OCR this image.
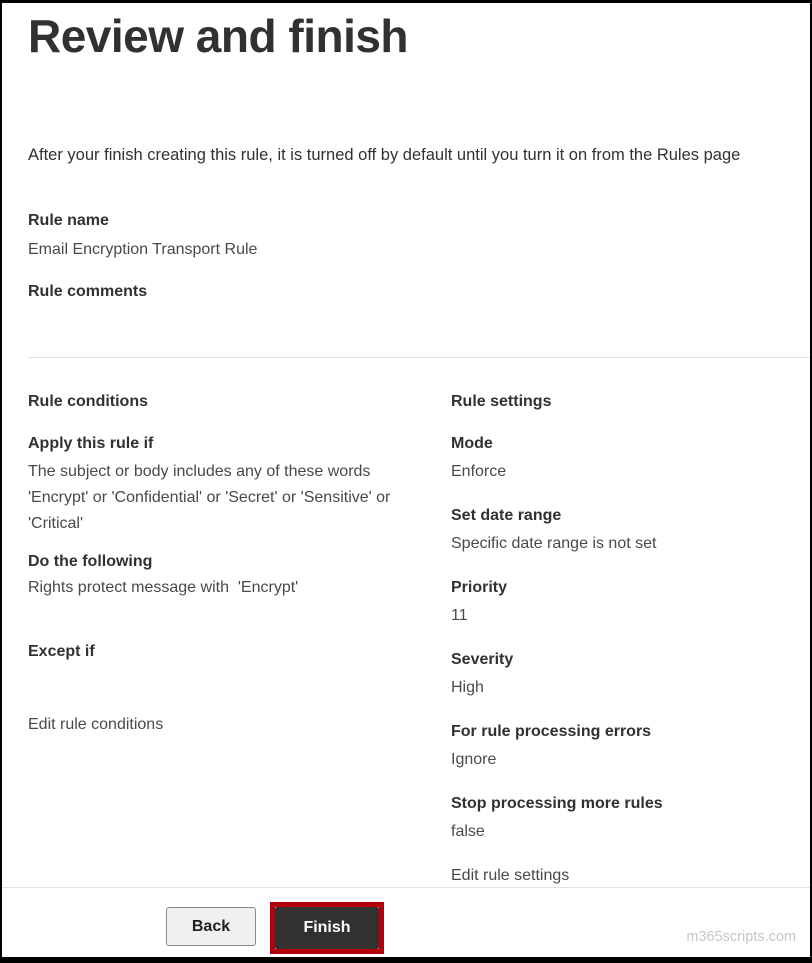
Review and finish

After your finish creating this rule, it is turned off by default until you turn it on from the Rules page

Rule name
Email Encryption Transport Rule
Rule comments
Rule conditions
Apply this rule if
The subject or body includes any of these words 'Encrypt' or 'Confidential' or 'Secret' or 'Sensitive' or 'Critical'
Do the following
Rights protect message with  'Encrypt'
Except if
Edit rule conditions
Rule settings
Mode
Enforce
Set date range
Specific date range is not set
Priority
11
Severity
High
For rule processing errors
Ignore
Stop processing more rules
false
Edit rule settings
Back	Finish
m365scripts.com
